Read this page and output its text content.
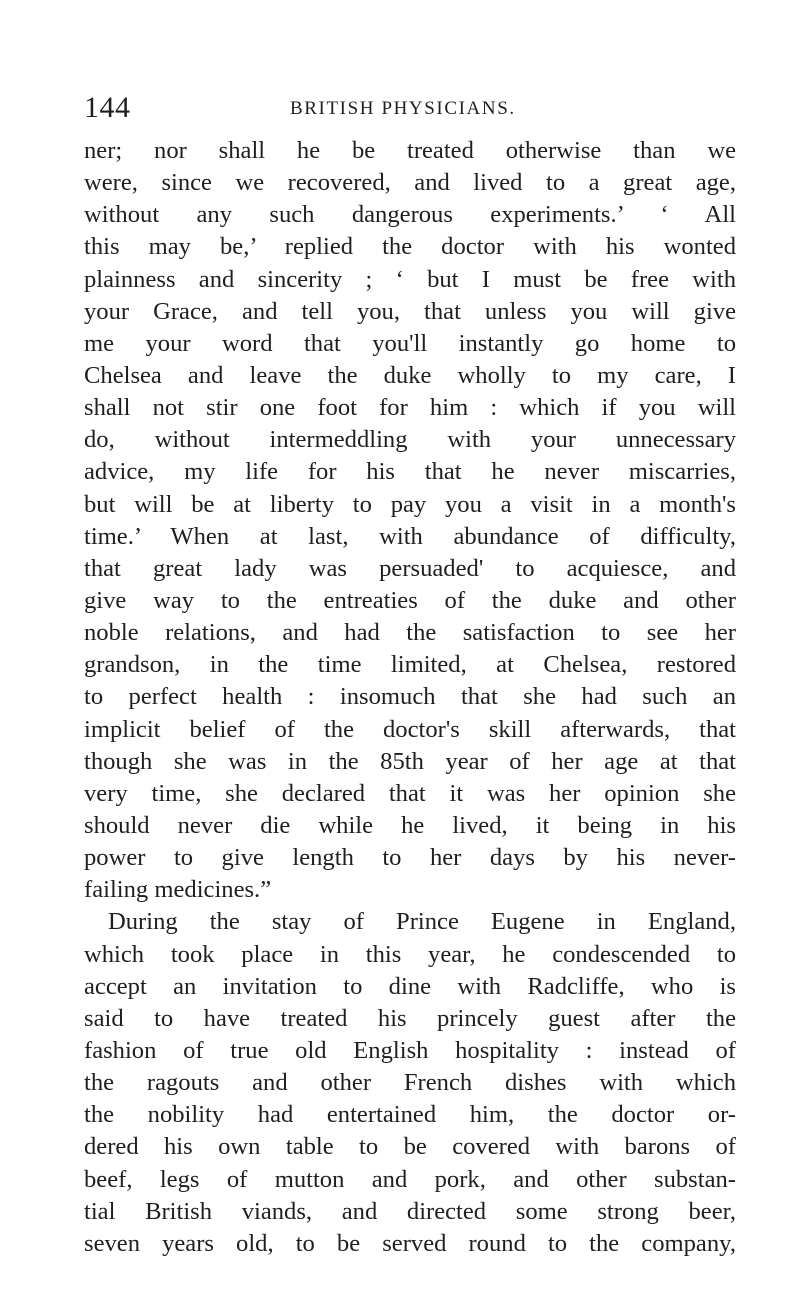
144	BRITISH PHYSICIANS.
ner; nor shall he be treated otherwise than we
were, since we recovered, and lived to a great age,
without any such dangerous experiments.’ ‘ All
this may be,’ replied the doctor with his wonted
plainness and sincerity ; ‘ but I must be free with
your Grace, and tell you, that unless you will give
me your word that you'll instantly go home to
Chelsea and leave the duke wholly to my care, I
shall not stir one foot for him : which if you will
do, without intermeddling with your unnecessary
advice, my life for his that he never miscarries,
but will be at liberty to pay you a visit in a month's
time.’ When at last, with abundance of difficulty,
that great lady was persuaded' to acquiesce, and
give way to the entreaties of the duke and other
noble relations, and had the satisfaction to see her
grandson, in the time limited, at Chelsea, restored
to perfect health : insomuch that she had such an
implicit belief of the doctor's skill afterwards, that
though she was in the 85th year of her age at that
very time, she declared that it was her opinion she
should never die while he lived, it being in his
power to give length to her days by his never-
failing medicines.”
During the stay of Prince Eugene in England,
which took place in this year, he condescended to
accept an invitation to dine with Radcliffe, who is
said to have treated his princely guest after the
fashion of true old English hospitality : instead of
the ragouts and other French dishes with which
the nobility had entertained him, the doctor or-
dered his own table to be covered with barons of
beef, legs of mutton and pork, and other substan-
tial British viands, and directed some strong beer,
seven years old, to be served round to the company,
